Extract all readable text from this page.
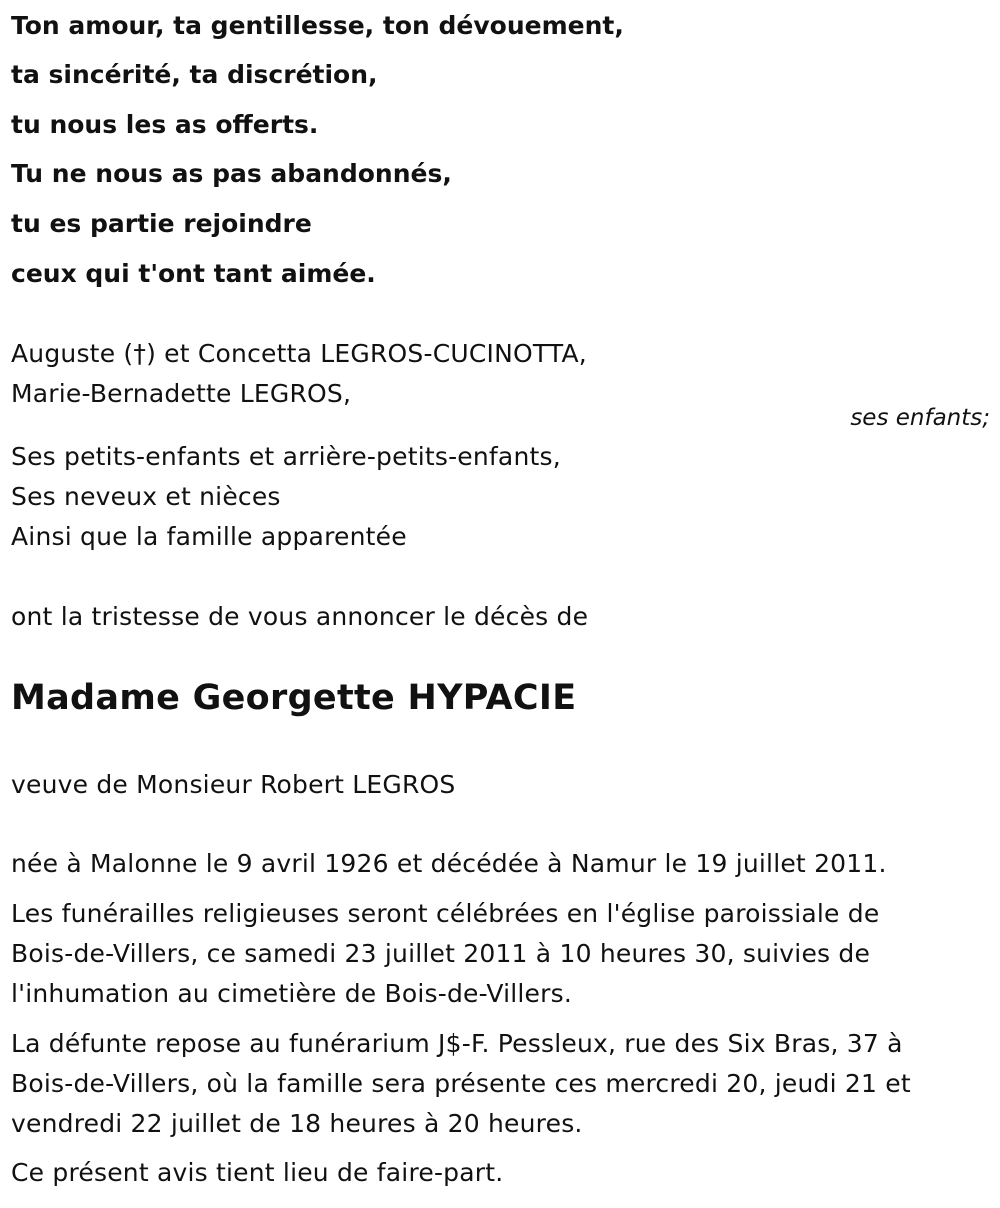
Ton amour, ta gentillesse, ton dévouement,
ta sincérité, ta discrétion,
tu nous les as offerts.
Tu ne nous as pas abandonnés,
tu es partie rejoindre
ceux qui t'ont tant aimée.
Auguste (†) et Concetta LEGROS-CUCINOTTA,
Marie-Bernadette LEGROS,
ses enfants;
Ses petits-enfants et arrière-petits-enfants,
Ses neveux et nièces
Ainsi que la famille apparentée
ont la tristesse de vous annoncer le décès de
Madame Georgette HYPACIE
veuve de Monsieur Robert LEGROS
née à Malonne le 9 avril 1926 et décédée à Namur le 19 juillet 2011.
Les funérailles religieuses seront célébrées en l'église paroissiale de
Bois-de-Villers, ce samedi 23 juillet 2011 à 10 heures 30, suivies de
l'inhumation au cimetière de Bois-de-Villers.
La défunte repose au funérarium J$-F. Pessleux, rue des Six Bras, 37 à
Bois-de-Villers, où la famille sera présente ces mercredi 20, jeudi 21 et
vendredi 22 juillet de 18 heures à 20 heures.
Ce présent avis tient lieu de faire-part.
